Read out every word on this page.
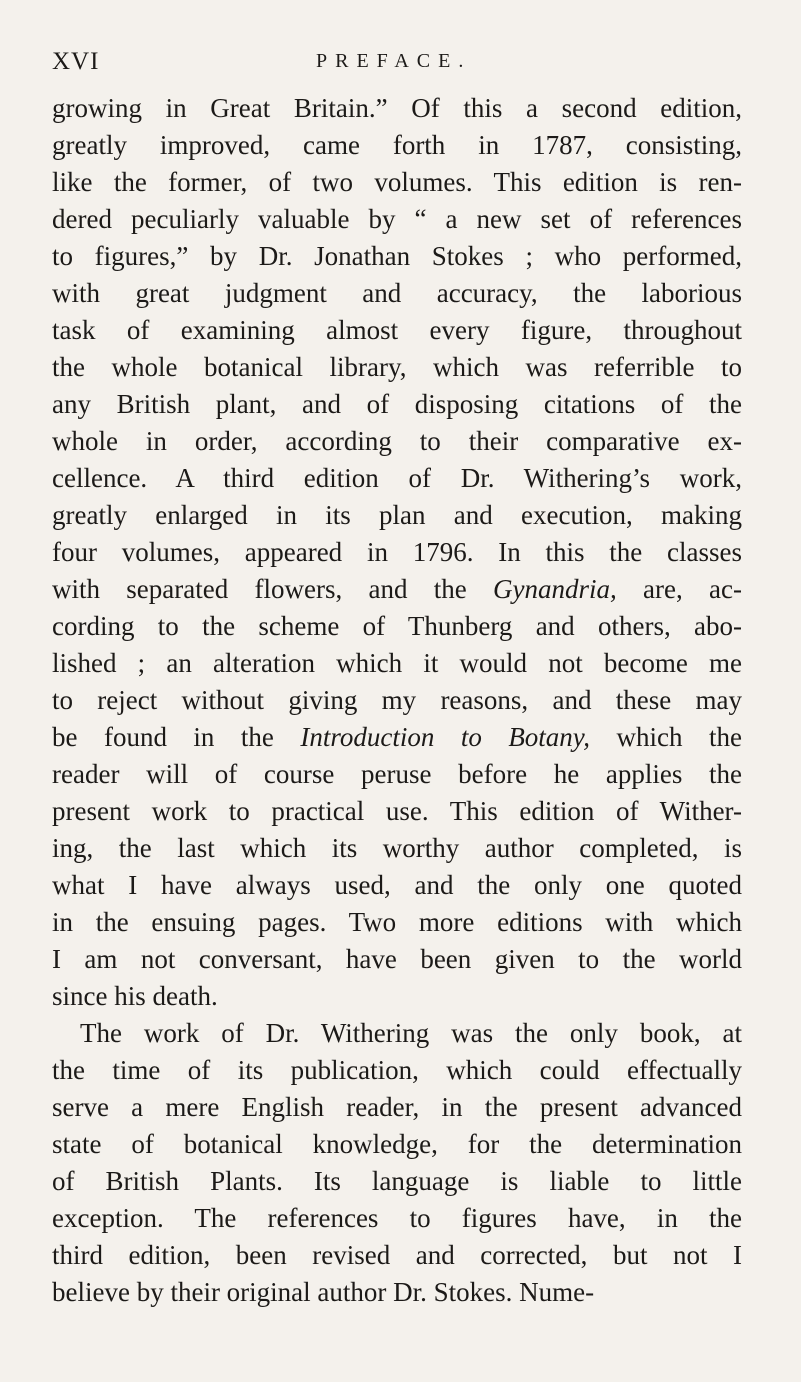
XVI	PREFACE.
growing in Great Britain.” Of this a second edition,
greatly improved, came forth in 1787, consisting,
like the former, of two volumes. This edition is ren-
dered peculiarly valuable by “ a new set of references
to figures,” by Dr. Jonathan Stokes ; who performed,
with great judgment and accuracy, the laborious
task of examining almost every figure, throughout
the whole botanical library, which was referrible to
any British plant, and of disposing citations of the
whole in order, according to their comparative ex-
cellence. A third edition of Dr. Withering’s work,
greatly enlarged in its plan and execution, making
four volumes, appeared in 1796. In this the classes
with separated flowers, and the Gynandria, are, ac-
cording to the scheme of Thunberg and others, abo-
lished ; an alteration which it would not become me
to reject without giving my reasons, and these may
be found in the Introduction to Botany, which the
reader will of course peruse before he applies the
present work to practical use. This edition of Wither-
ing, the last which its worthy author completed, is
what I have always used, and the only one quoted
in the ensuing pages. Two more editions with which
I am not conversant, have been given to the world
since his death.
The work of Dr. Withering was the only book, at
the time of its publication, which could effectually
serve a mere English reader, in the present advanced
state of botanical knowledge, for the determination
of British Plants. Its language is liable to little
exception. The references to figures have, in the
third edition, been revised and corrected, but not I
believe by their original author Dr. Stokes. Nume-
